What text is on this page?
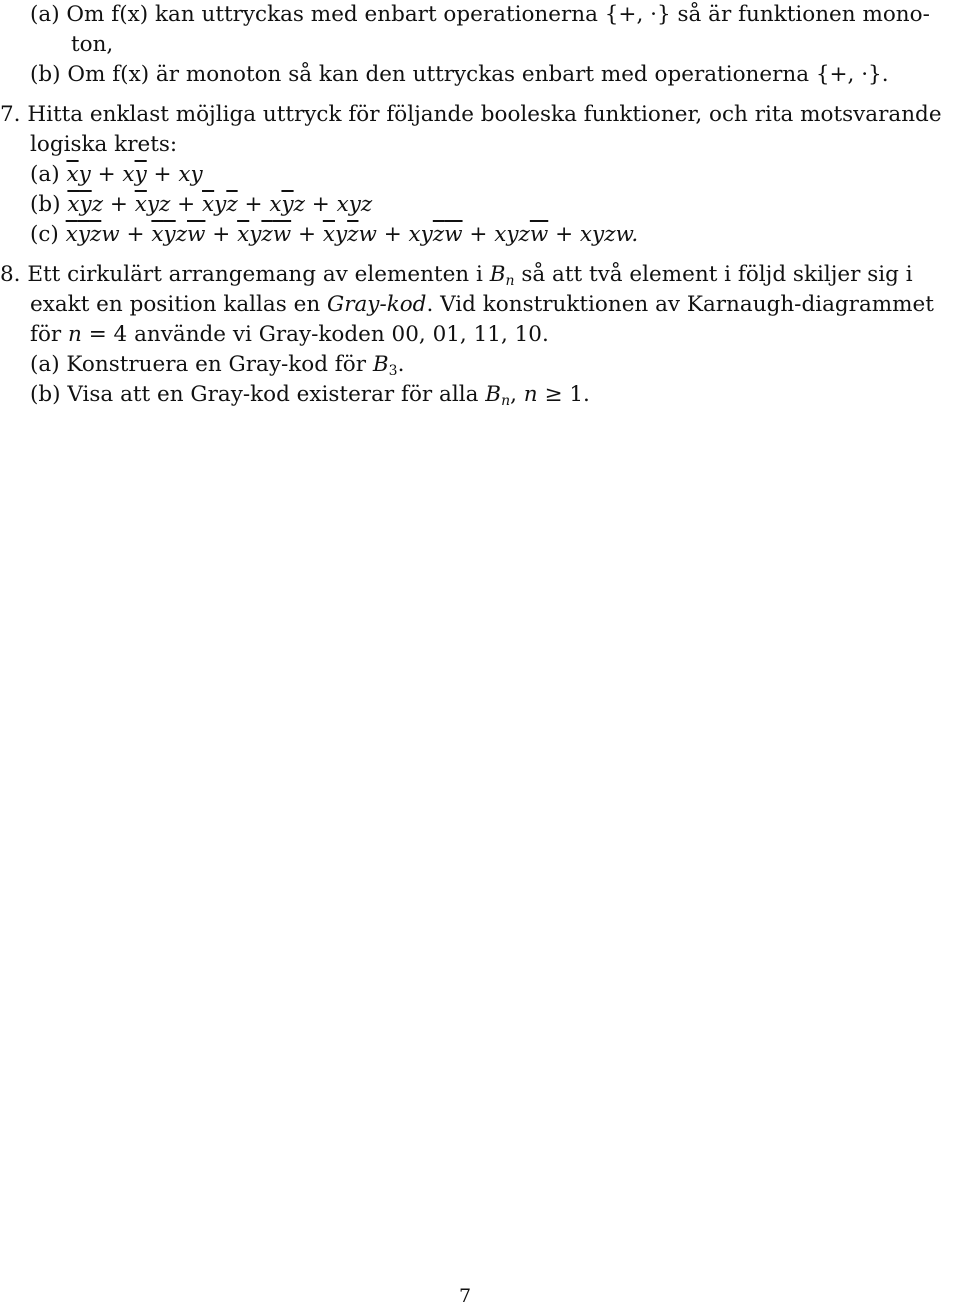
(a) Om f(x) kan uttryckas med enbart operationerna {+, ·} så är funktionen mono-
ton,
(b) Om f(x) är monoton så kan den uttryckas enbart med operationerna {+, ·}.
7. Hitta enklast möjliga uttryck för följande booleska funktioner, och rita motsvarande
logiska krets:
(a) $\overline{x}y + x\overline{y}$ + xy
(b) $\overline{x}\overline{y}z + \overline{x}yz + \overline{x}y\overline{z} + x\overline{y}z$ + xyz
(c) $\overline{x}\overline{y}\overline{z}w + \overline{x}\overline{y}z\overline{w} + \overline{x}y\overline{z}\overline{w} + \overline{x}y\overline{z}w + xy\overline{z}\overline{w} + xyz\overline{w}$ + xyzw.
8. Ett cirkulärt arrangemang av elementen i $B_n$ så att två element i följd skiljer sig i
exakt en position kallas en Gray-kod. Vid konstruktionen av Karnaugh-diagrammet
för n = 4 använde vi Gray-koden 00, 01, 11, 10.
(a) Konstruera en Gray-kod för $B_3$.
(b) Visa att en Gray-kod existerar för alla $B_n$, n ≥ 1.
7
